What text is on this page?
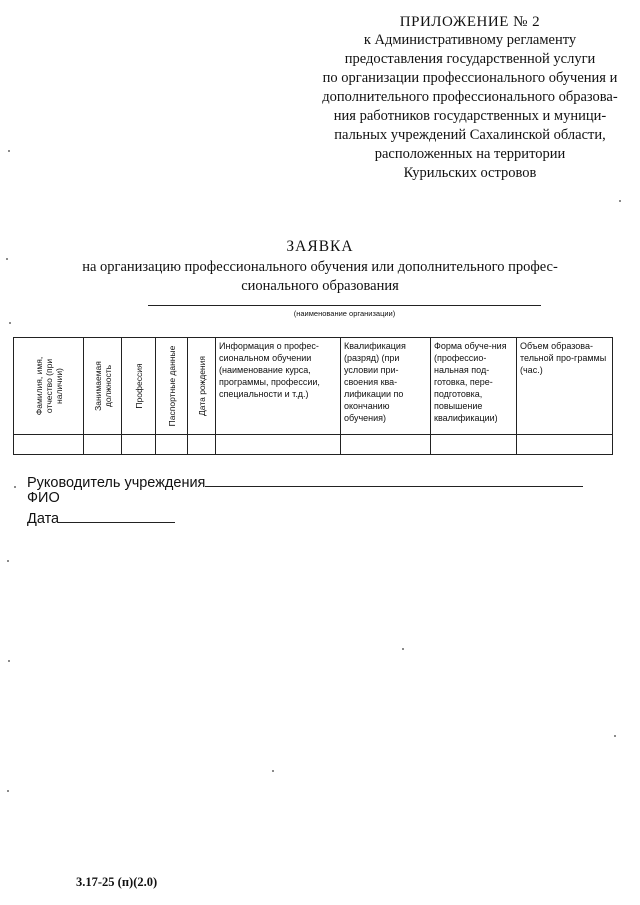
ПРИЛОЖЕНИЕ № 2
к Административному регламенту
предоставления государственной услуги
по организации профессионального обучения и
дополнительного профессионального образова-
ния работников государственных и муници-
пальных учреждений Сахалинской области,
расположенных на территории
Курильских островов
ЗАЯВКА
на организацию профессионального обучения или дополнительного профес-
сионального образования
(наименование организации)
Фамилия, имя, отчество (при наличии)	Занимаемая должность	Профессия	Паспортные данные	Дата рождения	Информация о профес-сиональном обучении (наименование курса, программы, профессии, специальности и т.д.)	Квалификация (разряд) (при условии при-своения ква-лификации по окончанию обучения)	Форма обуче-ния (профессио-нальная под-готовка, пере-подготовка, повышение квалификации)	Объем образова-тельной про-граммы (час.)

Руководитель учреждения
ФИО
Дата
3.17-25 (п)(2.0)
